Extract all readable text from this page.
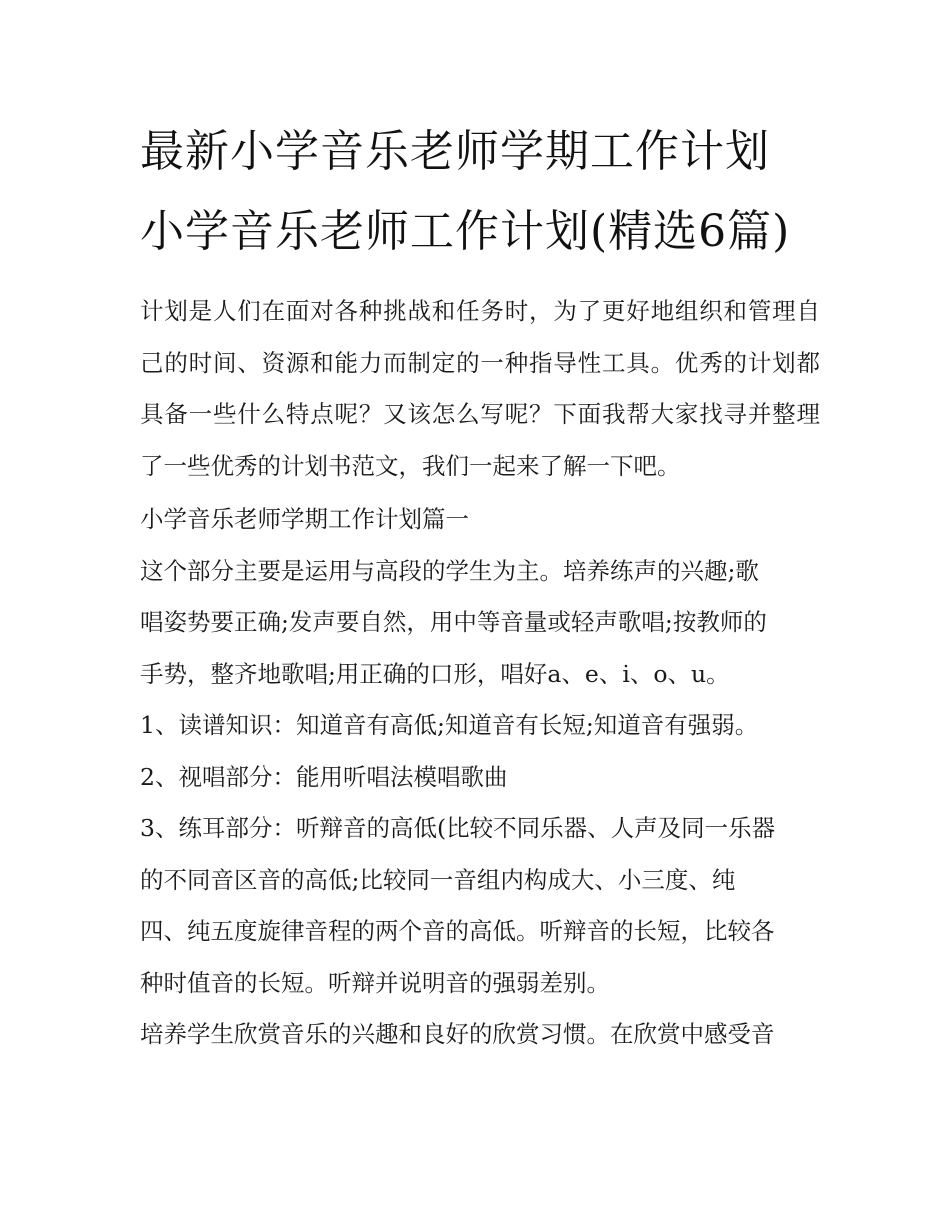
最新小学音乐老师学期工作计划 小学音乐老师工作计划(精选6篇)

计划是人们在面对各种挑战和任务时，为了更好地组织和管理自己的时间、资源和能力而制定的一种指导性工具。优秀的计划都具备一些什么特点呢？又该怎么写呢？下面我帮大家找寻并整理了一些优秀的计划书范文，我们一起来了解一下吧。

小学音乐老师学期工作计划篇一

这个部分主要是运用与高段的学生为主。培养练声的兴趣;歌

唱姿势要正确;发声要自然，用中等音量或轻声歌唱;按教师的

手势，整齐地歌唱;用正确的口形，唱好a、e、i、o、u。

1、读谱知识：知道音有高低;知道音有长短;知道音有强弱。

2、视唱部分：能用听唱法模唱歌曲

3、练耳部分：听辩音的高低(比较不同乐器、人声及同一乐器

的不同音区音的高低;比较同一音组内构成大、小三度、纯

四、纯五度旋律音程的两个音的高低。听辩音的长短，比较各

种时值音的长短。听辩并说明音的强弱差别。

培养学生欣赏音乐的兴趣和良好的欣赏习惯。在欣赏中感受音
